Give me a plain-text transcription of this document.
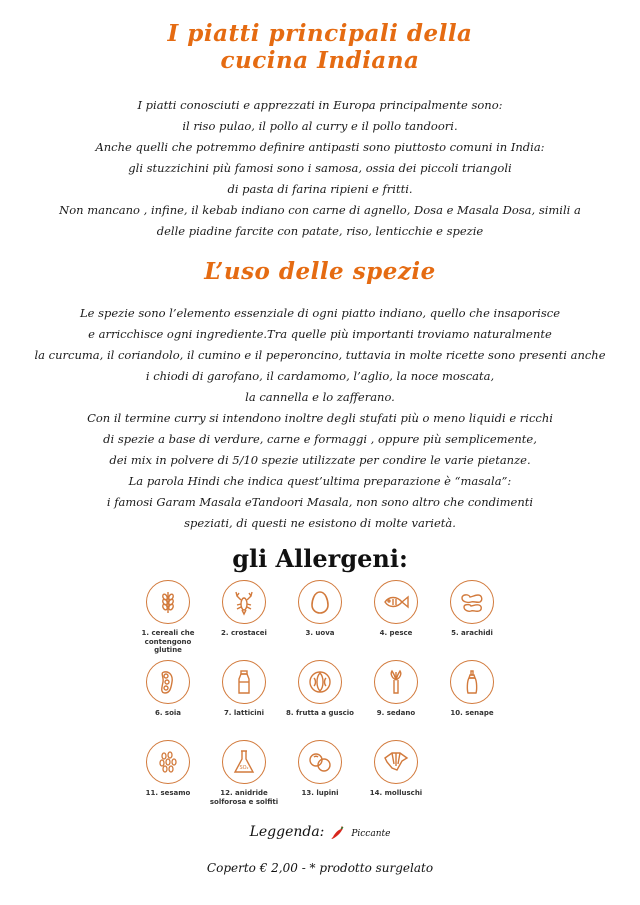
I piatti principali della
cucina Indiana
I piatti conosciuti e apprezzati in Europa principalmente sono:
il riso pulao, il pollo al curry e il pollo tandoori.
Anche quelli che potremmo definire antipasti sono piuttosto comuni in India:
gli stuzzichini più famosi sono i samosa, ossia dei piccoli triangoli
di pasta di farina ripieni e fritti.
Non mancano , infine, il kebab indiano con carne di agnello, Dosa e Masala Dosa, simili a
delle piadine farcite con patate, riso, lenticchie e spezie
L’uso delle spezie
Le spezie sono l’elemento essenziale di ogni piatto indiano, quello che insaporisce
e arricchisce ogni ingrediente.Tra quelle più importanti troviamo naturalmente
la curcuma, il coriandolo, il cumino e il peperoncino, tuttavia in molte ricette sono presenti anche
i chiodi di garofano, il cardamomo, l’aglio, la noce moscata,
la cannella e lo zafferano.
Con il termine curry si intendono inoltre degli stufati più o meno liquidi e ricchi
di spezie a base di verdure, carne e formaggi , oppure più semplicemente,
dei mix in polvere di 5/10 spezie utilizzate per condire le varie pietanze.
La parola Hindi che indica quest’ultima preparazione è “masala”:
i famosi Garam Masala eTandoori Masala, non sono altro che condimenti
speziati, di questi ne esistono di molte varietà.
gli Allergeni:
1. cereali che contengono glutine
2. crostacei	3. uova	4. pesce	5. arachidi
6. soia	7. latticini	8. frutta a guscio	9. sedano	10. senape
11. sesamo
SO₂
12. anidride solforosa e solfiti
13. lupini	14. molluschi
Leggenda:	Piccante
Coperto € 2,00 - * prodotto surgelato
